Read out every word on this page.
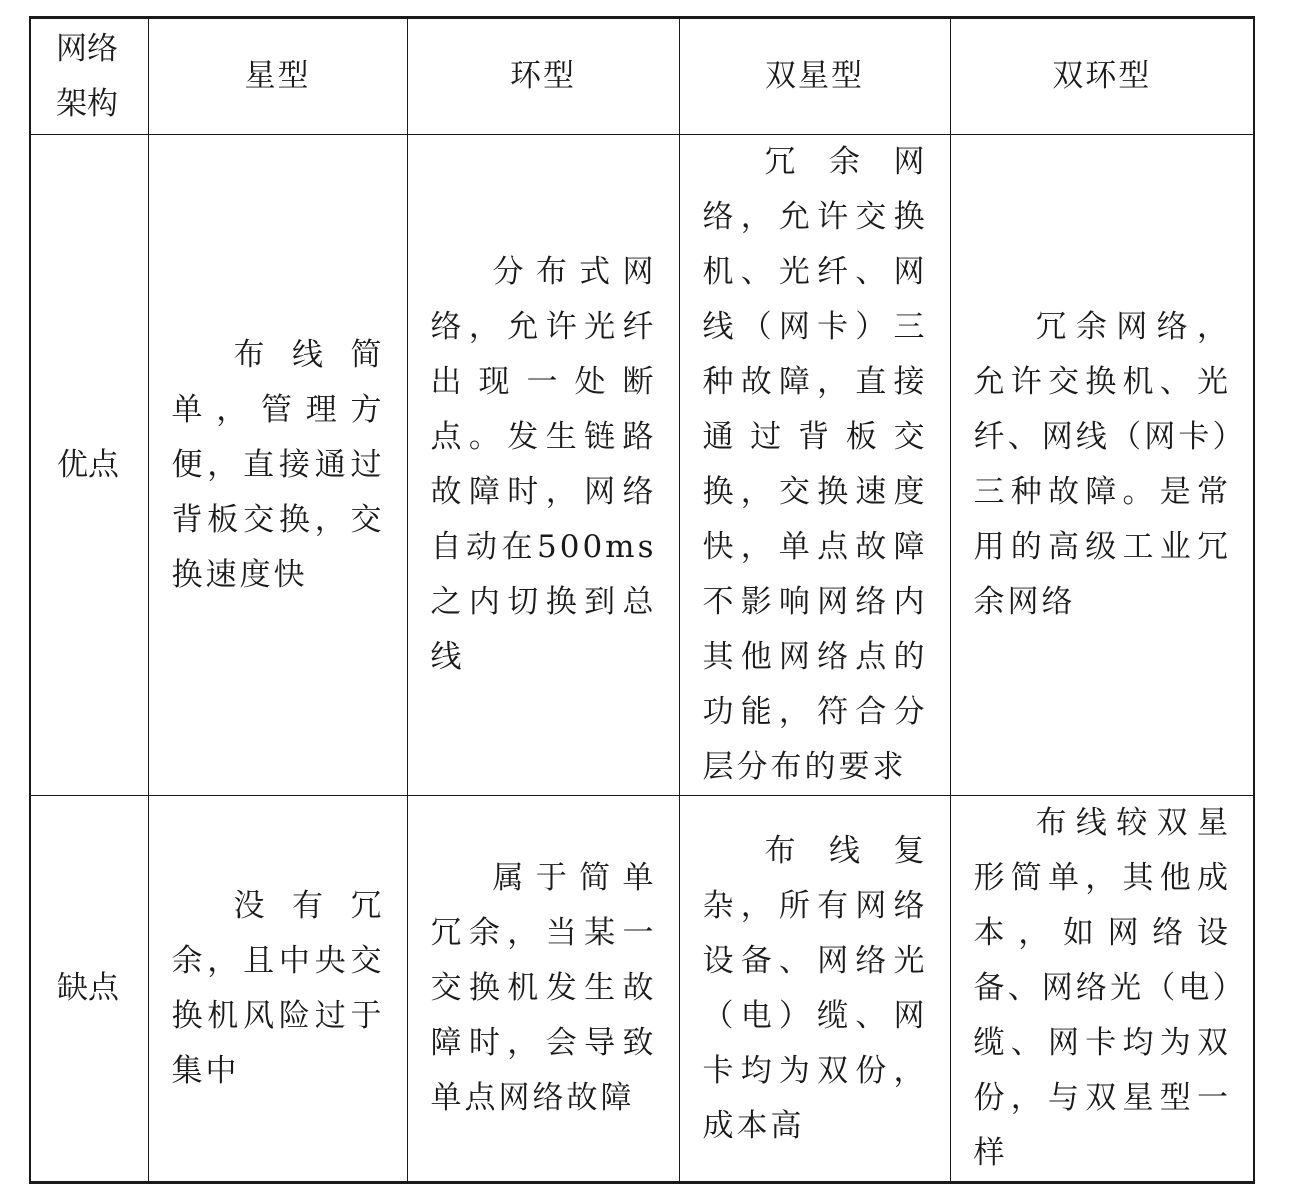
网络架构	星型	环型	双星型	双环型
优点	布线简单，管理方便，直接通过背板交换，交换速度快	分布式网络，允许光纤出现一处断点。发生链路故障时，网络自动在500ms之内切换到总线	冗余网络，允许交换机、光纤、网线（网卡）三种故障，直接通过背板交换，交换速度快，单点故障不影响网络内其他网络点的功能，符合分层分布的要求	冗余网络，允许交换机、光纤、网线（网卡）三种故障。是常用的高级工业冗余网络
缺点	没有冗余，且中央交换机风险过于集中	属于简单冗余，当某一交换机发生故障时，会导致单点网络故障	布线复杂，所有网络设备、网络光（电）缆、网卡均为双份，成本高	布线较双星形简单，其他成本，如网络设备、网络光（电）缆、网卡均为双份，与双星型一样
